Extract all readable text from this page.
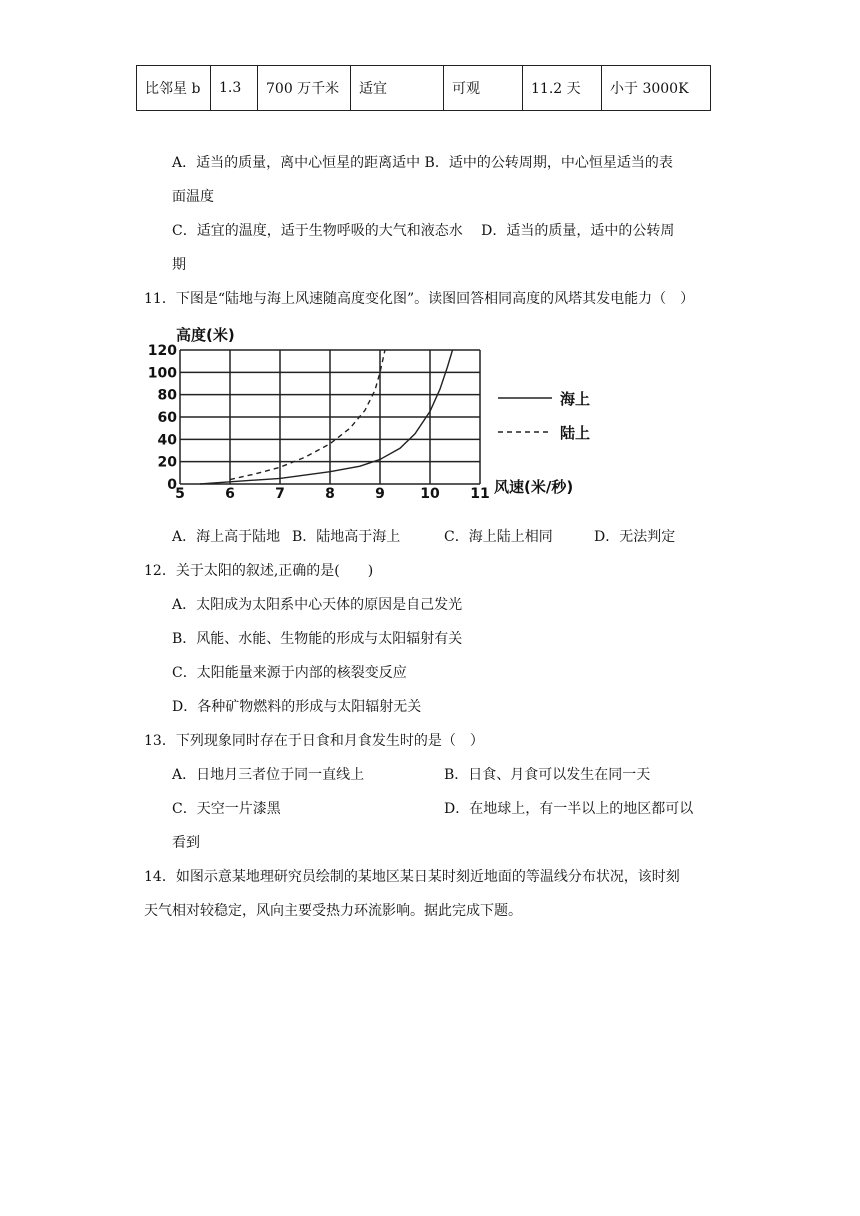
比邻星 b	1.3	700 万千米	适宜	可观	11.2 天	小于 3000K
A．适当的质量，离中心恒星的距离适中 B．适中的公转周期，中心恒星适当的表
面温度
C．适宜的温度，适于生物呼吸的大气和液态水　 D．适当的质量，适中的公转周
期
11．下图是“陆地与海上风速随高度变化图”。读图回答相同高度的风塔其发电能力（　）
5	6	7	8	9	10 11
0
20
40
60
80
100
120
海上
陆上
高度(米)
风速(米/秒)
A．海上高于陆地 B．陆地高于海上	C．海上陆上相同	D．无法判定
12．关于太阳的叙述,正确的是(　　)
A．太阳成为太阳系中心天体的原因是自己发光
B．风能、水能、生物能的形成与太阳辐射有关
C．太阳能量来源于内部的核裂变反应
D．各种矿物燃料的形成与太阳辐射无关
13．下列现象同时存在于日食和月食发生时的是（　）
A．日地月三者位于同一直线上	B．日食、月食可以发生在同一天
C．天空一片漆黑	D．在地球上，有一半以上的地区都可以
看到
14．如图示意某地理研究员绘制的某地区某日某时刻近地面的等温线分布状况，该时刻
天气相对较稳定，风向主要受热力环流影响。据此完成下题。
